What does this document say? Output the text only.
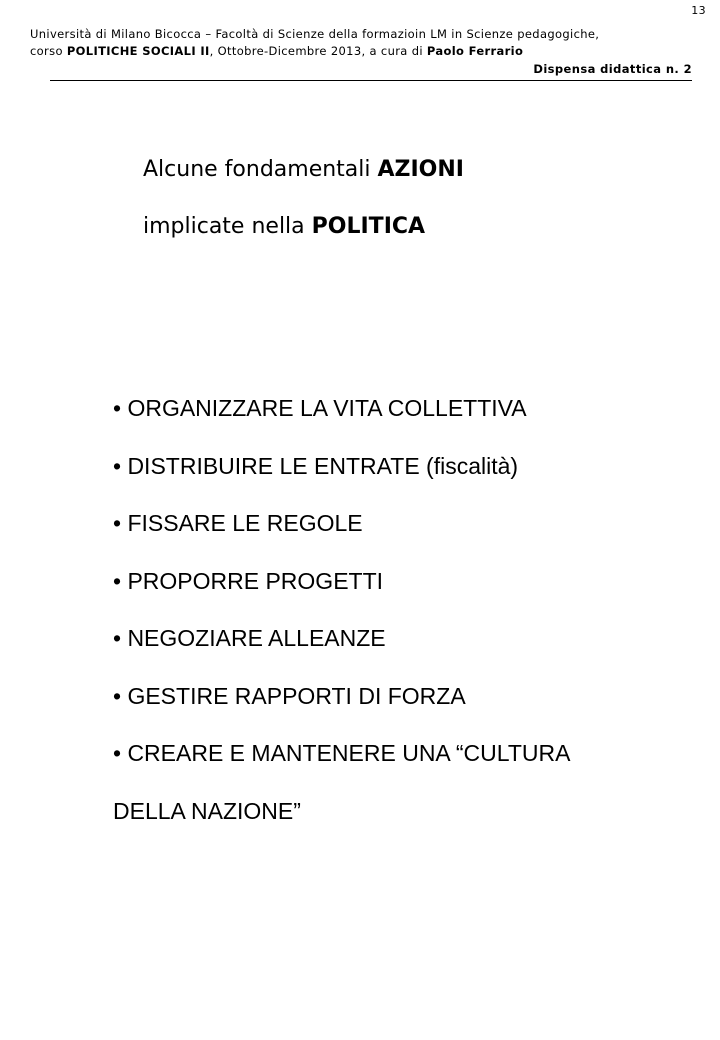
13
Università di Milano Bicocca – Facoltà di Scienze della formazioin LM in Scienze pedagogiche,
corso POLITICHE SOCIALI II, Ottobre-Dicembre 2013, a cura di Paolo Ferrario
Dispensa didattica n. 2
Alcune fondamentali AZIONI
implicate nella POLITICA
• ORGANIZZARE LA VITA COLLETTIVA
• DISTRIBUIRE LE ENTRATE (fiscalità)
• FISSARE LE REGOLE
• PROPORRE PROGETTI
• NEGOZIARE ALLEANZE
• GESTIRE RAPPORTI DI FORZA
• CREARE E MANTENERE UNA “CULTURA
DELLA NAZIONE”
